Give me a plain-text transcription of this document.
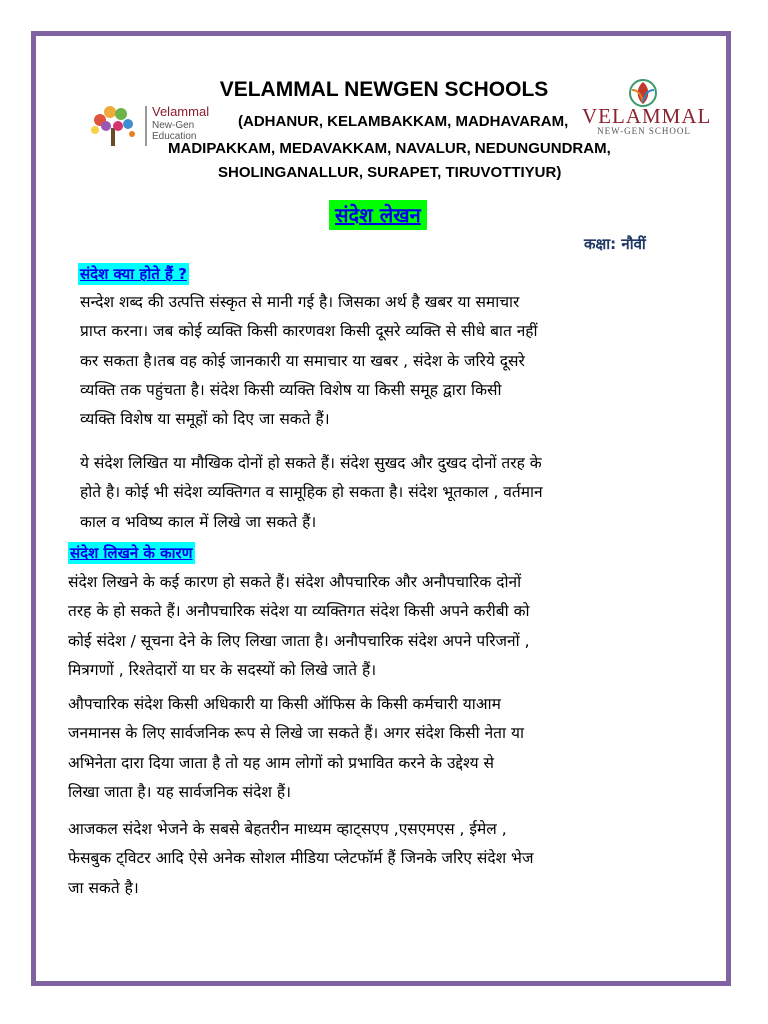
Velammal
New-Gen
Education
VELAMMAL
NEW-GEN SCHOOL
VELAMMAL NEWGEN SCHOOLS
(ADHANUR, KELAMBAKKAM, MADHAVARAM,
MADIPAKKAM, MEDAVAKKAM, NAVALUR, NEDUNGUNDRAM,
SHOLINGANALLUR, SURAPET, TIRUVOTTIYUR)
संदेश लेखन
कक्षा: नौवीं
संदेश क्या होते हैं ?
सन्देश शब्द की उत्पत्ति संस्कृत से मानी गई है। जिसका अर्थ है खबर या समाचार
प्राप्त करना। जब कोई व्यक्ति किसी कारणवश किसी दूसरे व्यक्ति से सीधे बात नहीं
कर सकता है।तब वह कोई जानकारी या समाचार या खबर , संदेश के जरिये दूसरे
व्यक्ति तक पहुंचता है। संदेश किसी व्यक्ति विशेष या किसी समूह द्वारा किसी
व्यक्ति विशेष या समूहों को दिए जा सकते हैं।
ये संदेश लिखित या मौखिक दोनों हो सकते हैं। संदेश सुखद और दुखद दोनों तरह के
होते है। कोई भी संदेश व्यक्तिगत व सामूहिक हो सकता है। संदेश भूतकाल , वर्तमान
काल व भविष्य काल में लिखे जा सकते हैं।
संदेश लिखने के कारण
संदेश लिखने के कई कारण हो सकते हैं। संदेश औपचारिक और अनौपचारिक दोनों
तरह के हो सकते हैं। अनौपचारिक संदेश या व्यक्तिगत संदेश किसी अपने करीबी को
कोई संदेश / सूचना देने के लिए लिखा जाता है। अनौपचारिक संदेश अपने परिजनों ,
मित्रगणों , रिश्तेदारों या घर के सदस्यों को लिखे जाते हैं।
औपचारिक संदेश किसी अधिकारी या किसी ऑफिस के किसी कर्मचारी याआम
जनमानस के लिए सार्वजनिक रूप से लिखे जा सकते हैं। अगर संदेश किसी नेता या
अभिनेता दारा दिया जाता है तो यह आम लोगों को प्रभावित करने के उद्देश्य से
लिखा जाता है। यह सार्वजनिक संदेश हैं।
आजकल संदेश भेजने के सबसे बेहतरीन माध्यम व्हाट्सएप ,एसएमएस , ईमेल ,
फेसबुक ट्विटर आदि ऐसे अनेक सोशल मीडिया प्लेटफॉर्म हैं जिनके जरिए संदेश भेज
जा सकते है।
